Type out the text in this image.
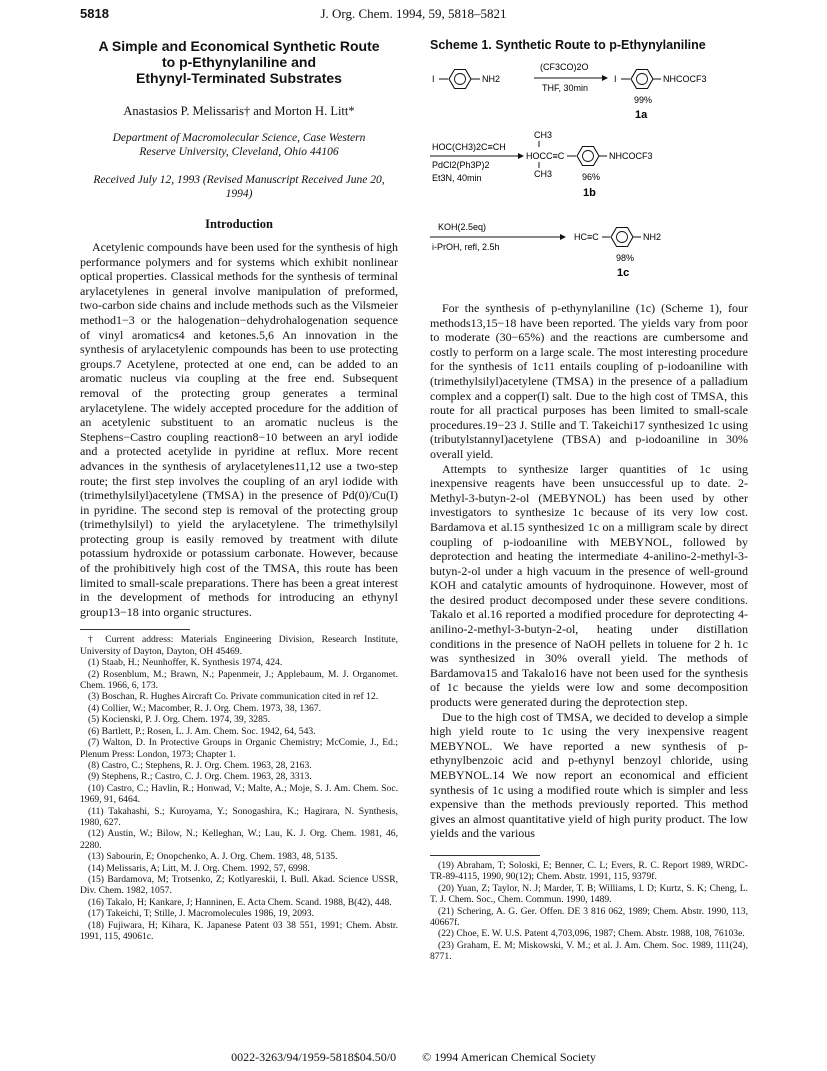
5818	J. Org. Chem. 1994, 59, 5818–5821

A Simple and Economical Synthetic Route

to p-Ethynylaniline and

Ethynyl-Terminated Substrates

Anastasios P. Melissaris† and Morton H. Litt*
Department of Macromolecular Science, Case Western
Reserve University, Cleveland, Ohio 44106
Received July 12, 1993 (Revised Manuscript Received June 20,
1994)
Introduction

Acetylenic compounds have been used for the synthesis of high performance polymers and for systems which exhibit nonlinear optical properties. Classical methods for the synthesis of terminal arylacetylenes in general involve manipulation of preformed, two-carbon side chains and include methods such as the Vilsmeier method1−3 or the halogenation−dehydrohalogenation sequence of vinyl aromatics4 and ketones.5,6 An innovation in the synthesis of arylacetylenic compounds has been to use protecting groups.7 Acetylene, protected at one end, can be added to an aromatic nucleus via coupling at the free end. Subsequent removal of the protecting group generates a terminal arylacetylene. The widely accepted procedure for the addition of an acetylenic substituent to an aromatic nucleus is the Stephens−Castro coupling reaction8−10 between an aryl iodide and a protected acetylide in pyridine at reflux. More recent advances in the synthesis of arylacetylenes11,12 use a two-step route; the first step involves the coupling of an aryl iodide with (trimethylsilyl)acetylene (TMSA) in the presence of Pd(0)/Cu(I) in pyridine. The second step is removal of the protecting group (trimethylsilyl) to yield the arylacetylene. The trimethylsilyl protecting group is easily removed by treatment with dilute potassium hydroxide or potassium carbonate. However, because of the prohibitively high cost of the TMSA, this route has been limited to small-scale preparations. There has been a great interest in the development of methods for introducing an ethynyl group13−18 into organic structures.

† Current address: Materials Engineering Division, Research Institute, University of Dayton, Dayton, OH 45469.

(1) Staab, H.; Neunhoffer, K. Synthesis 1974, 424.

(2) Rosenblum, M.; Brawn, N.; Papenmeir, J.; Applebaum, M. J. Organomet. Chem. 1966, 6, 173.

(3) Boschan, R. Hughes Aircraft Co. Private communication cited in ref 12.

(4) Collier, W.; Macomber, R. J. Org. Chem. 1973, 38, 1367.

(5) Kocienski, P. J. Org. Chem. 1974, 39, 3285.

(6) Bartlett, P.; Rosen, L. J. Am. Chem. Soc. 1942, 64, 543.

(7) Walton, D. In Protective Groups in Organic Chemistry; McComie, J., Ed.; Plenum Press: London, 1973; Chapter 1.

(8) Castro, C.; Stephens, R. J. Org. Chem. 1963, 28, 2163.

(9) Stephens, R.; Castro, C. J. Org. Chem. 1963, 28, 3313.

(10) Castro, C.; Havlin, R.; Honwad, V.; Malte, A.; Moje, S. J. Am. Chem. Soc. 1969, 91, 6464.

(11) Takahashi, S.; Kuroyama, Y.; Sonogashira, K.; Hagirara, N. Synthesis, 1980, 627.

(12) Austin, W.; Bilow, N.; Kelleghan, W.; Lau, K. J. Org. Chem. 1981, 46, 2280.

(13) Sabourin, E; Onopchenko, A. J. Org. Chem. 1983, 48, 5135.

(14) Melissaris, A; Litt, M. J. Org. Chem. 1992, 57, 6998.

(15) Bardamova, M; Trotsenko, Z; Kotlyareskii, I. Bull. Akad. Science USSR, Div. Chem. 1982, 1057.

(16) Takalo, H; Kankare, J; Hanninen, E. Acta Chem. Scand. 1988, B(42), 448.

(17) Takeichi, T; Stille, J. Macromolecules 1986, 19, 2093.

(18) Fujiwara, H; Kihara, K. Japanese Patent 03 38 551, 1991; Chem. Abstr. 1991, 115, 49061c.

Scheme 1. Synthetic Route to p-Ethynylaniline

I	NH2
(CF3CO)2O
THF, 30min
I	NHCOCF3
99%
1a
HOC(CH3)2C≡CH
PdCl2(Ph3P)2
Et3N, 40min
CH3
HOCC≡C
CH3
NHCOCF3
96%
1b
KOH(2.5eq)
i-PrOH, refl, 2.5h
HC≡C	NH2
98%
1c

For the synthesis of p-ethynylaniline (1c) (Scheme 1), four methods13,15−18 have been reported. The yields vary from poor to moderate (30−65%) and the reactions are cumbersome and costly to perform on a large scale. The most interesting procedure for the synthesis of 1c11 entails coupling of p-iodoaniline with (trimethylsilyl)acetylene (TMSA) in the presence of a palladium complex and a copper(I) salt. Due to the high cost of TMSA, this route for all practical purposes has been limited to small-scale procedures.19−23 J. Stille and T. Takeichi17 synthesized 1c using (tributylstannyl)acetylene (TBSA) and p-iodoaniline in 30% overall yield.

Attempts to synthesize larger quantities of 1c using inexpensive reagents have been unsuccessful up to date. 2-Methyl-3-butyn-2-ol (MEBYNOL) has been used by other investigators to synthesize 1c because of its very low cost. Bardamova et al.15 synthesized 1c on a milligram scale by direct coupling of p-iodoaniline with MEBYNOL, followed by deprotection and heating the intermediate 4-anilino-2-methyl-3-butyn-2-ol under a high vacuum in the presence of well-ground KOH and catalytic amounts of hydroquinone. However, most of the desired product decomposed under these severe conditions. Takalo et al.16 reported a modified procedure for deprotecting 4-anilino-2-methyl-3-butyn-2-ol, heating under distillation conditions in the presence of NaOH pellets in toluene for 2 h. 1c was synthesized in 30% overall yield. The methods of Bardamova15 and Takalo16 have not been used for the synthesis of 1c because the yields were low and some decomposition products were generated during the deprotection step.

Due to the high cost of TMSA, we decided to develop a simple high yield route to 1c using the very inexpensive reagent MEBYNOL. We have reported a new synthesis of p-ethynylbenzoic acid and p-ethynyl benzoyl chloride, using MEBYNOL.14 We now report an economical and efficient synthesis of 1c using a modified route which is simpler and less expensive than the methods previously reported. This method gives an almost quantitative yield of high purity product. The low yields and the various

(19) Abraham, T; Soloski, E; Benner, C. L; Evers, R. C. Report 1989, WRDC-TR-89-4115, 1990, 90(12); Chem. Abstr. 1991, 115, 9379f.

(20) Yuan, Z; Taylor, N. J; Marder, T. B; Williams, I. D; Kurtz, S. K; Cheng, L. T. J. Chem. Soc., Chem. Commun. 1990, 1489.

(21) Schering, A. G. Ger. Offen. DE 3 816 062, 1989; Chem. Abstr. 1990, 113, 40667f.

(22) Choe, E. W. U.S. Patent 4,703,096, 1987; Chem. Abstr. 1988, 108, 76103e.

(23) Graham, E. M; Miskowski, V. M.; et al. J. Am. Chem. Soc. 1989, 111(24), 8771.

0022-3263/94/1959-5818$04.50/0 © 1994 American Chemical Society
